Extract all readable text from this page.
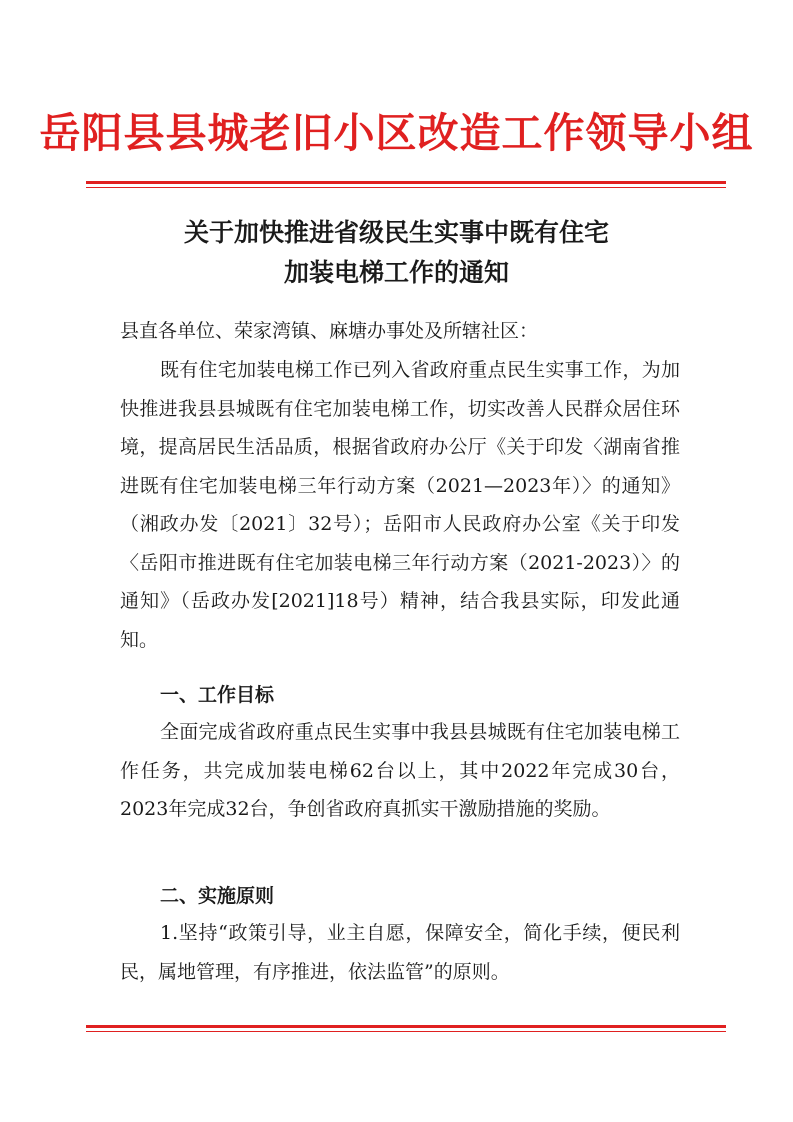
岳阳县县城老旧小区改造工作领导小组
关于加快推进省级民生实事中既有住宅
加装电梯工作的通知

县直各单位、荣家湾镇、麻塘办事处及所辖社区：

既有住宅加装电梯工作已列入省政府重点民生实事工作，为加快推进我县县城既有住宅加装电梯工作，切实改善人民群众居住环境，提高居民生活品质，根据省政府办公厅《关于印发〈湖南省推进既有住宅加装电梯三年行动方案（2021—2023年）〉的通知》（湘政办发〔2021〕32号）；岳阳市人民政府办公室《关于印发〈岳阳市推进既有住宅加装电梯三年行动方案（2021-2023）〉的通知》（岳政办发[2021]18号）精神，结合我县实际，印发此通知。

一、工作目标

全面完成省政府重点民生实事中我县县城既有住宅加装电梯工作任务，共完成加装电梯62台以上，其中2022年完成30台，2023年完成32台，争创省政府真抓实干激励措施的奖励。

二、实施原则

1.坚持“政策引导，业主自愿，保障安全，简化手续，便民利民，属地管理，有序推进，依法监管”的原则。
